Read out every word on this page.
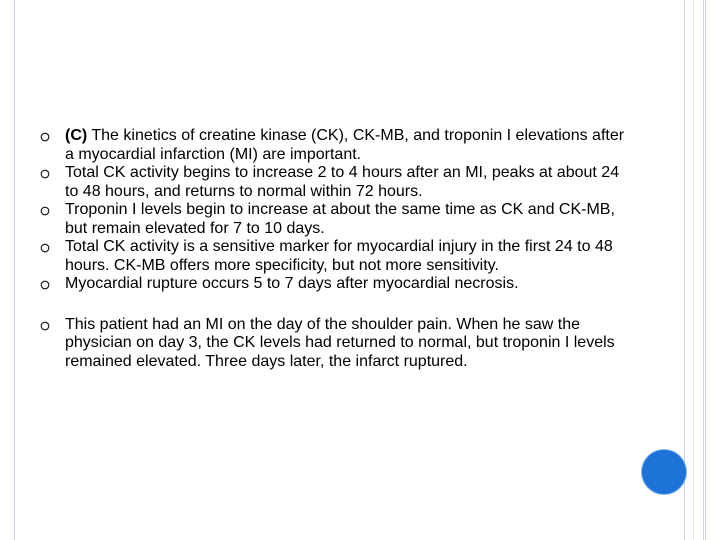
(C) The kinetics of creatine kinase (CK), CK-MB, and troponin I elevations after a myocardial infarction (MI) are important.
Total CK activity begins to increase 2 to 4 hours after an MI, peaks at about 24 to 48 hours, and returns to normal within 72 hours.
Troponin I levels begin to increase at about the same time as CK and CK-MB, but remain elevated for 7 to 10 days.
Total CK activity is a sensitive marker for myocardial injury in the first 24 to 48 hours. CK-MB offers more specificity, but not more sensitivity.
Myocardial rupture occurs 5 to 7 days after myocardial necrosis.
This patient had an MI on the day of the shoulder pain. When he saw the physician on day 3, the CK levels had returned to normal, but troponin I levels remained elevated. Three days later, the infarct ruptured.
